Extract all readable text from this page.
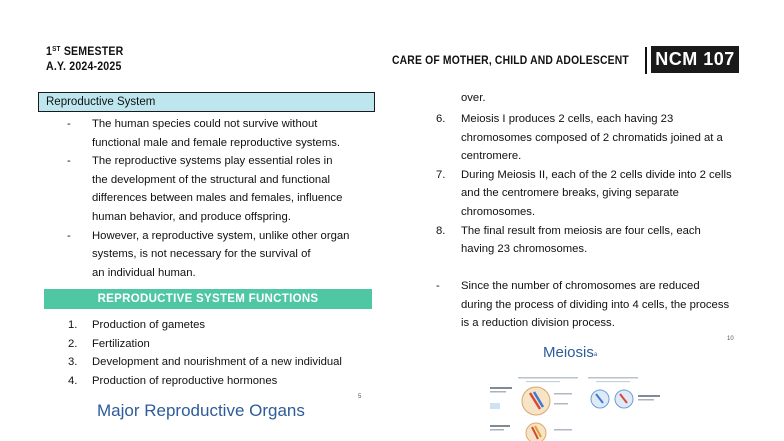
1ST SEMESTER
A.Y. 2024-2025	CARE OF MOTHER, CHILD AND ADOLESCENT NCM 107
Reproductive System
- The human species could not survive without
functional male and female reproductive systems.
- The reproductive systems play essential roles in
the development of the structural and functional
differences between males and females, influence
human behavior, and produce offspring.
- However, a reproductive system, unlike other organ
systems, is not necessary for the survival of
an individual human.
REPRODUCTIVE SYSTEM FUNCTIONS
1. Production of gametes
2. Fertilization
3. Development and nourishment of a new individual
4. Production of reproductive hormones
Major Reproductive Organs
5
over.
6. Meiosis I produces 2 cells, each having 23
chromosomes composed of 2 chromatids joined at a
centromere.
7. During Meiosis II, each of the 2 cells divide into 2 cells
and the centromere breaks, giving separate
chromosomes.
8. The final result from meiosis are four cells, each
having 23 chromosomes.
- Since the number of chromosomes are reduced
during the process of dividing into 4 cells, the process
is a reduction division process.
Meiosisa
10
